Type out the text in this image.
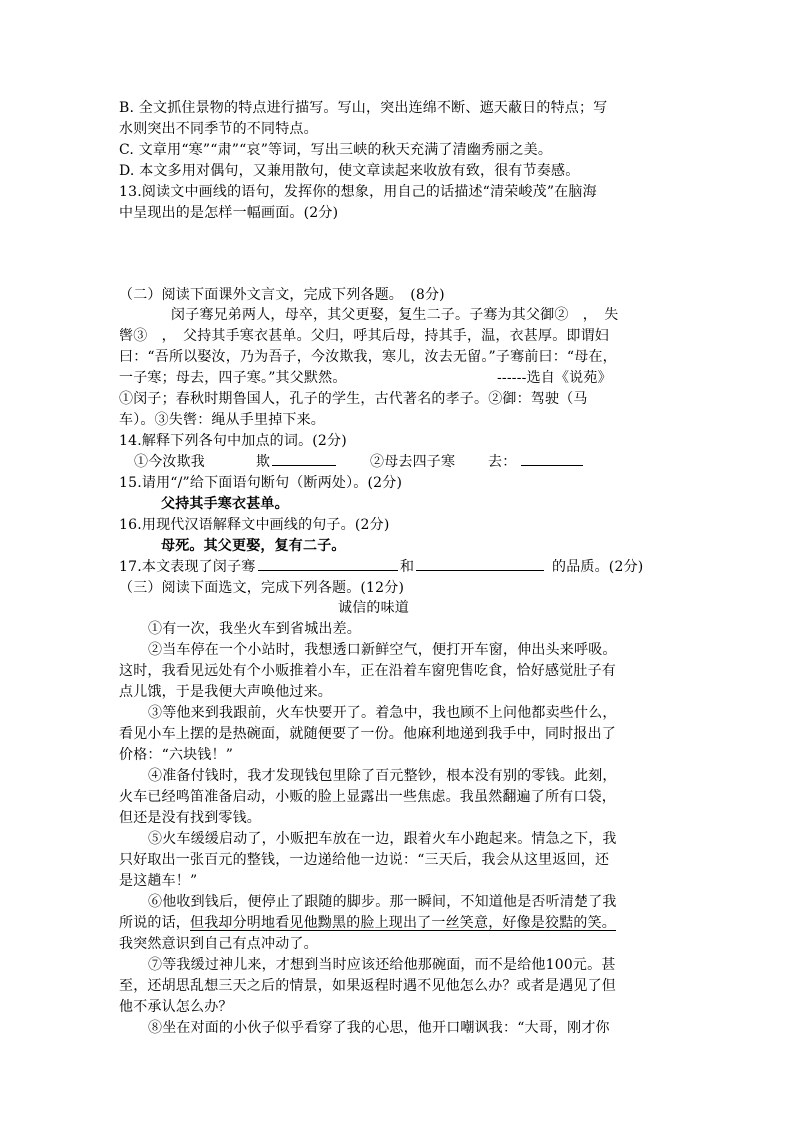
B. 全文抓住景物的特点进行描写。写山，突出连绵不断、遮天蔽日的特点；写
水则突出不同季节的不同特点。
C. 文章用“寒”“肃”“哀”等词，写出三峡的秋天充满了清幽秀丽之美。
D. 本文多用对偶句，又兼用散句，使文章读起来收放有致，很有节奏感。
13.阅读文中画线的语句，发挥你的想象，用自己的话描述“清荣峻茂”在脑海
中呈现出的是怎样一幅画面。(2分)
（二）阅读下面课外文言文，完成下列各题。　(8分)
闵子骞兄弟两人，母卒，其父更娶，复生二子。子骞为其父御②　，　失
辔③　，　父持其手寒衣甚单。父归，呼其后母，持其手，温，衣甚厚。即谓妇
曰：“吾所以娶汝，乃为吾子，今汝欺我，寒儿，汝去无留。”子骞前曰：“母在，
一子寒；母去，四子寒。”其父默然。	------选自《说苑》
①闵子；春秋时期鲁国人，孔子的学生，古代著名的孝子。②御：驾驶（马
车）。③失辔：绳从手里掉下来。
14.解释下列各句中加点的词。(2分)
①今汝欺我	欺	②母去四子寒 去：
15.请用“/”给下面语句断句（断两处）。(2分)
父持其手寒衣甚单。
16.用现代汉语解释文中画线的句子。(2分)
母死。其父更娶，复有二子。
17.本文表现了闵子骞	和	的品质。(2分)
（三）阅读下面选文，完成下列各题。(12分)
诚信的味道
①有一次，我坐火车到省城出差。
②当车停在一个小站时，我想透口新鲜空气，便打开车窗，伸出头来呼吸。
这时，我看见远处有个小贩推着小车，正在沿着车窗兜售吃食，恰好感觉肚子有
点儿饿，于是我便大声唤他过来。
③等他来到我跟前，火车快要开了。着急中，我也顾不上问他都卖些什么，
看见小车上摆的是热碗面，就随便要了一份。他麻利地递到我手中，同时报出了
价格：“六块钱！”
④准备付钱时，我才发现钱包里除了百元整钞，根本没有别的零钱。此刻，
火车已经鸣笛准备启动，小贩的脸上显露出一些焦虑。我虽然翻遍了所有口袋，
但还是没有找到零钱。
⑤火车缓缓启动了，小贩把车放在一边，跟着火车小跑起来。情急之下，我
只好取出一张百元的整钱，一边递给他一边说：“三天后，我会从这里返回，还
是这趟车！”
⑥他收到钱后，便停止了跟随的脚步。那一瞬间，不知道他是否听清楚了我
所说的话，但我却分明地看见他黝黑的脸上现出了一丝笑意，好像是狡黠的笑。
我突然意识到自己有点冲动了。
⑦等我缓过神儿来，才想到当时应该还给他那碗面，而不是给他100元。甚
至，还胡思乱想三天之后的情景，如果返程时遇不见他怎么办？或者是遇见了但
他不承认怎么办？
⑧坐在对面的小伙子似乎看穿了我的心思，他开口嘲讽我：“大哥，刚才你
